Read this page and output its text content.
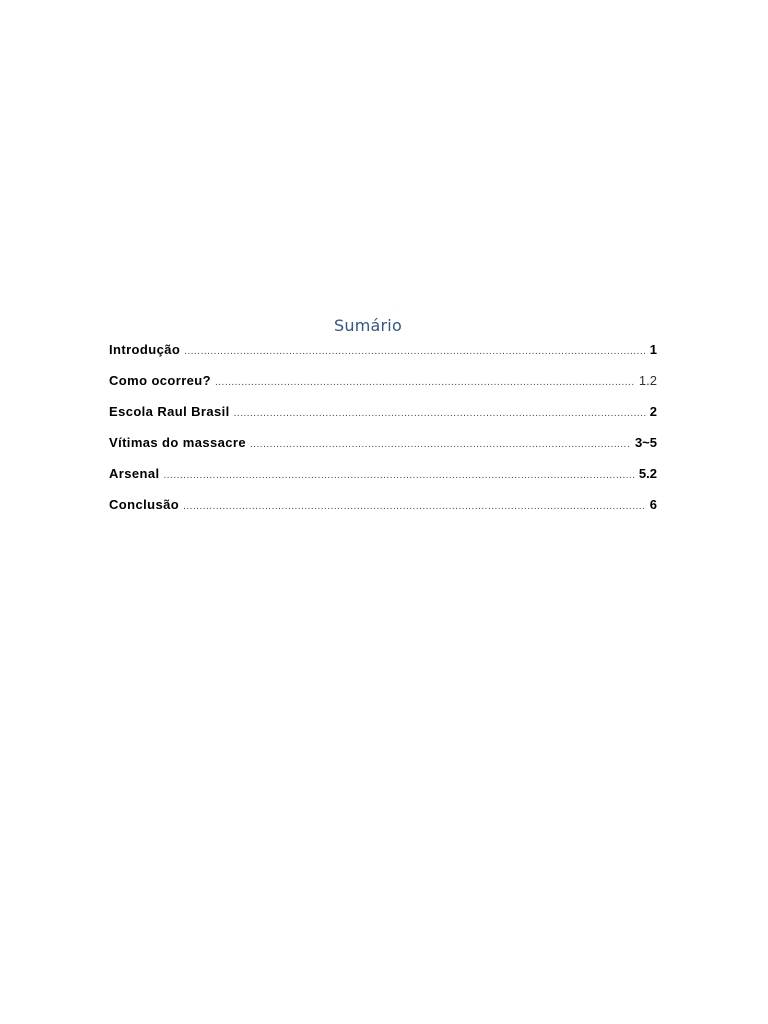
Sumário
Introdução .....	1
Como ocorreu? .....	1.2
Escola Raul Brasil .....	2
Vítimas do massacre .....	3~5
Arsenal .....	5.2
Conclusão .....	6
